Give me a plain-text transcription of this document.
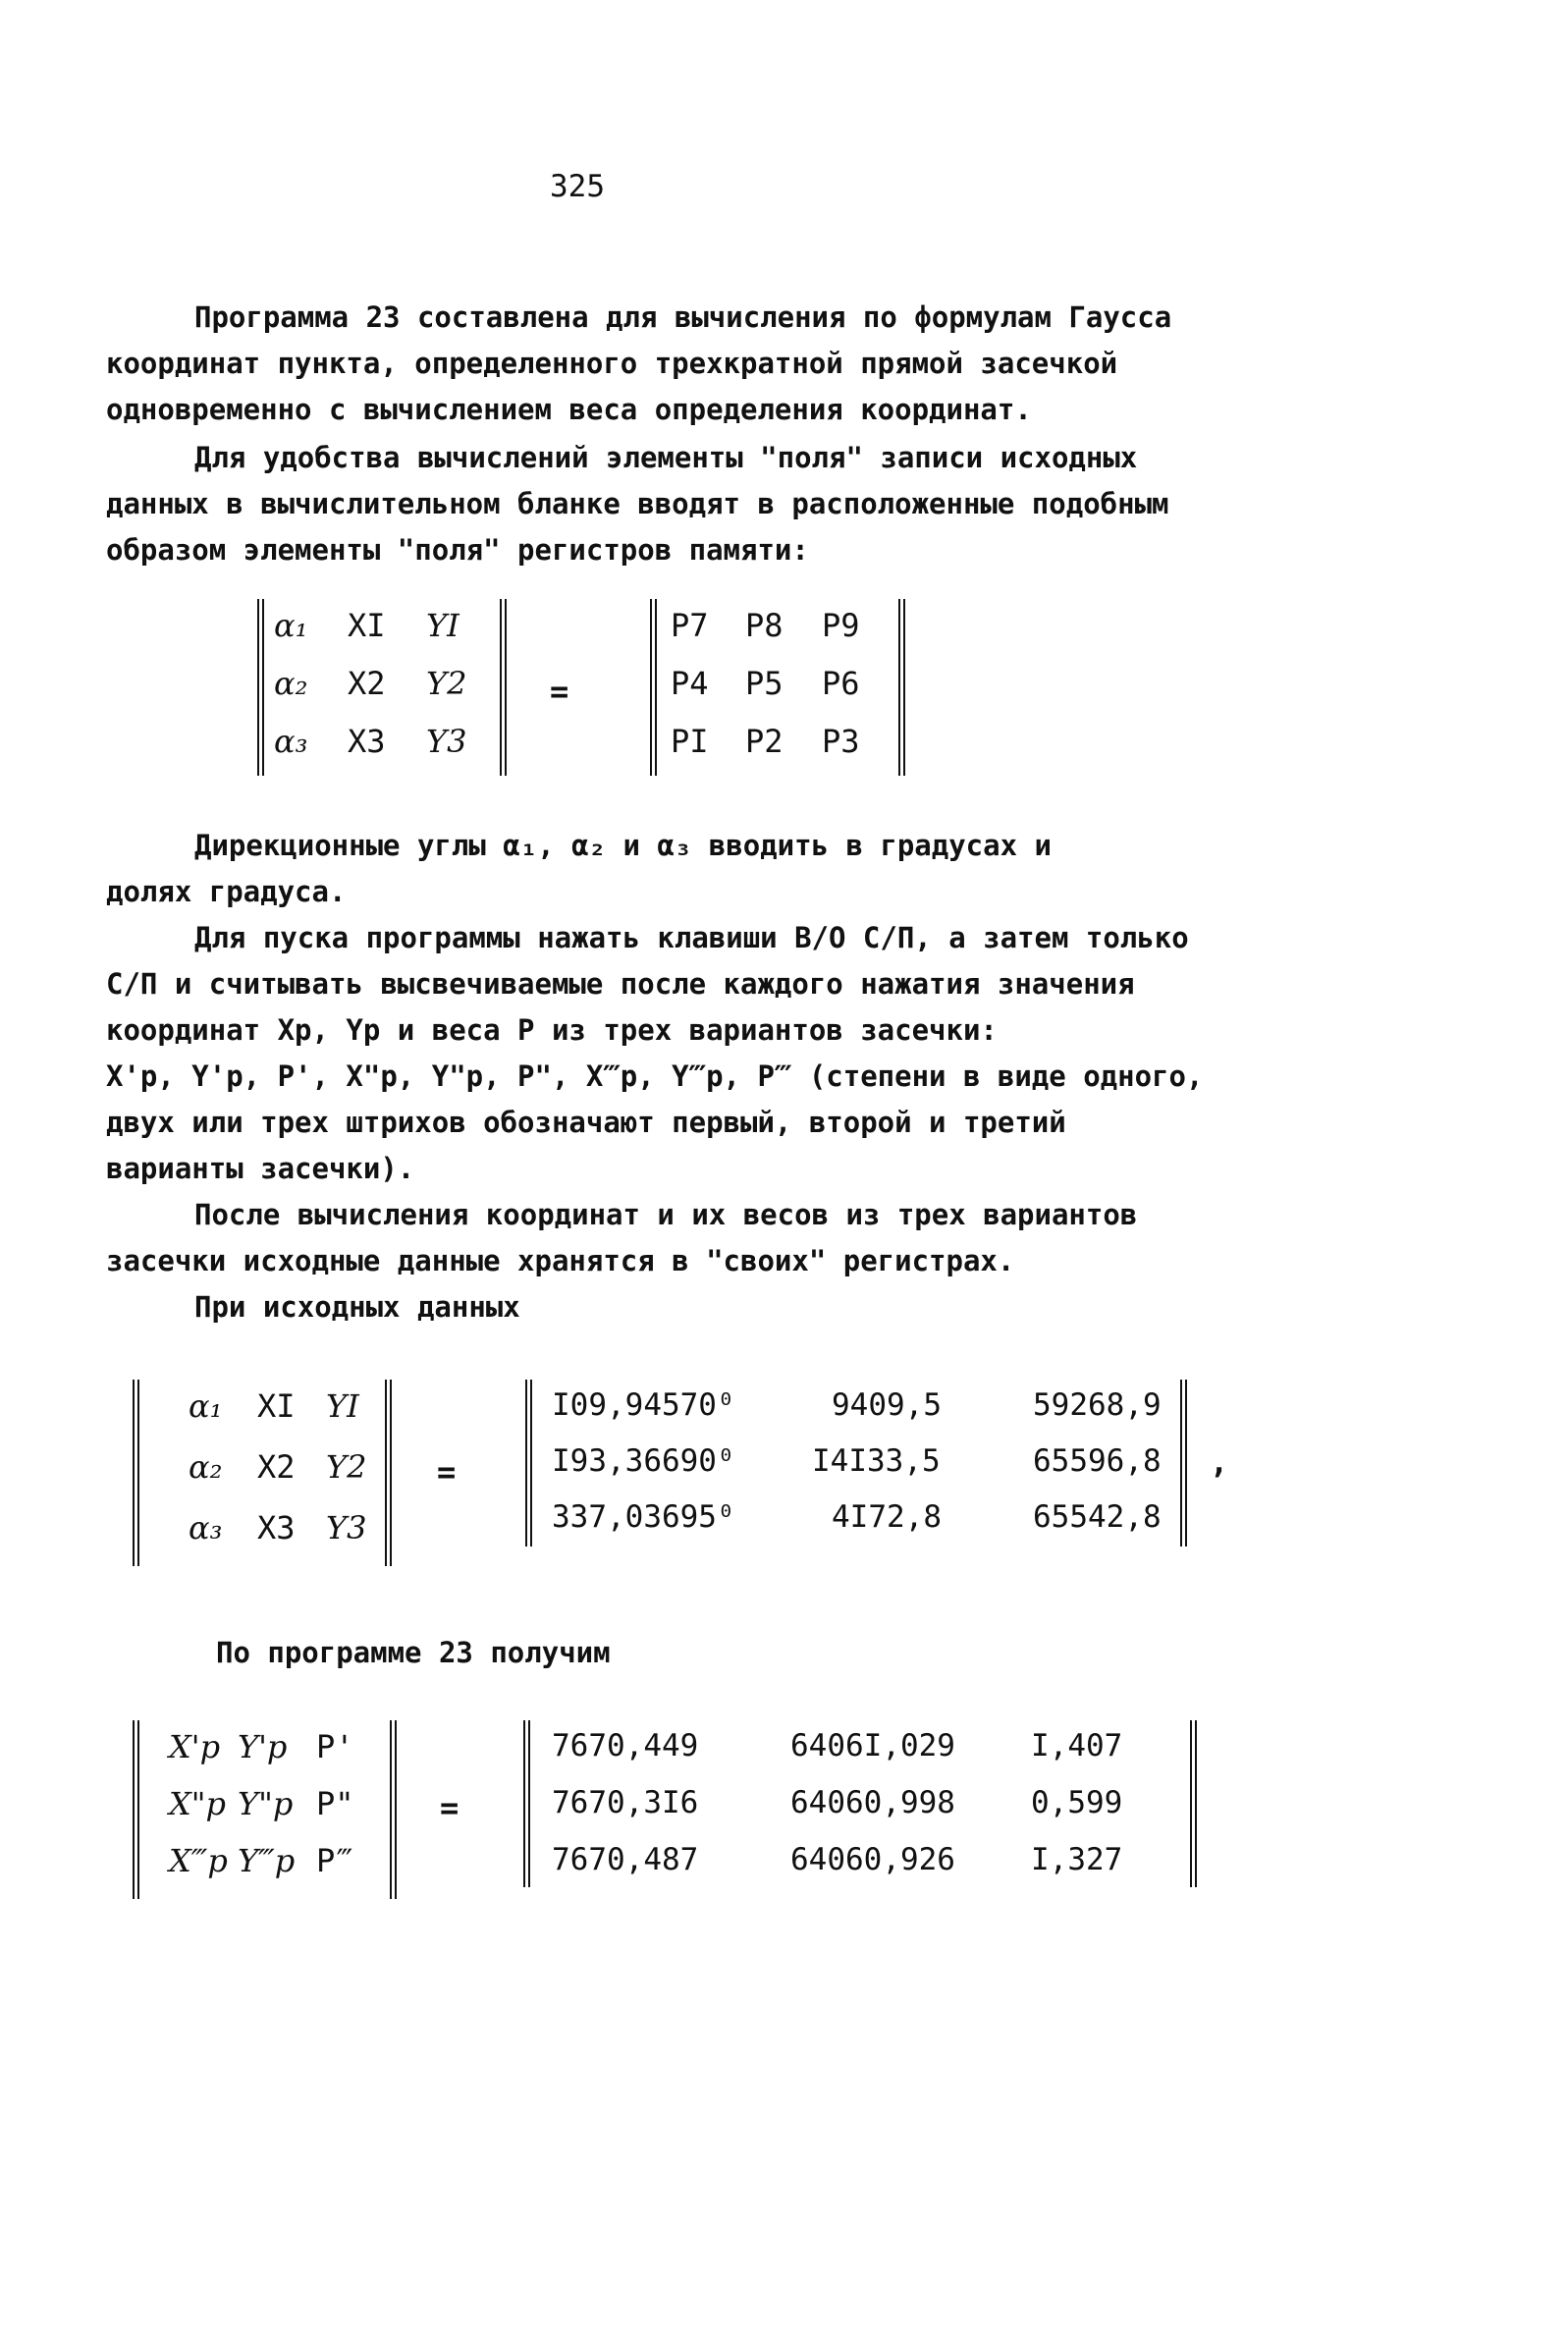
325

Программа 23 составлена для вычисления по формулам Гаусса
координат пункта, определенного трехкратной прямой засечкой
одновременно с вычислением веса определения координат.

Для удобства вычислений элементы "поля" записи исходных
данных в вычислительном бланке вводят в расположенные подобным
образом элементы "поля" регистров памяти:

α₁ XI YI
α₂ X2 Y2
α₃ X3 Y3
=
P7 P8 P9
P4 P5 P6
PI P2 P3

Дирекционные углы α₁, α₂ и α₃ вводить в градусах и
долях градуса.

Для пуска программы нажать клавиши В/О С/П, а затем только
С/П и считывать высвечиваемые после каждого нажатия значения
координат Xp, Yp и веса P из трех вариантов засечки:
X'p, Y'p, P', X"p, Y"p, P", X‴p, Y‴p, P‴ (степени в виде одного,
двух или трех штрихов обозначают первый, второй и третий
варианты засечки).

После вычисления координат и их весов из трех вариантов
засечки исходные данные хранятся в "своих" регистрах.

При исходных данных

α₁ XI YI
α₂ X2 Y2
α₃ X3 Y3
=
I09,94570⁰	9409,5	59268,9
I93,36690⁰	I4I33,5	65596,8
337,03695⁰	4I72,8	65542,8
,

По программе 23 получим

X'p Y'p P'
X"p Y"p P"
X‴p Y‴p P‴
=
7670,449	6406I,029 I,407
7670,3I6	64060,998 0,599
7670,487	64060,926 I,327
